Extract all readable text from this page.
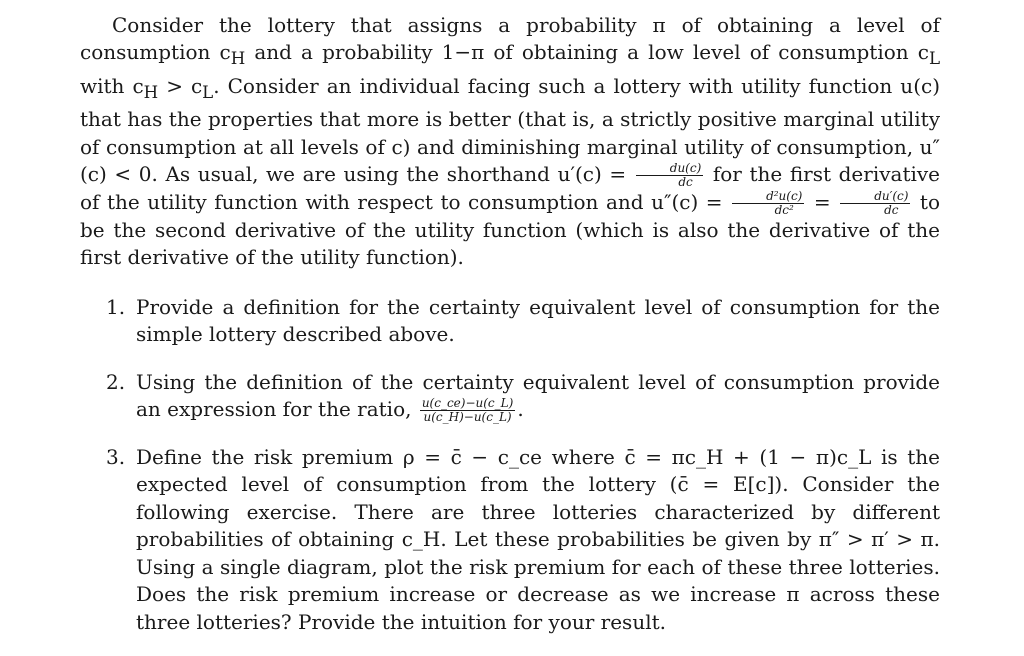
Consider the lottery that assigns a probability π of obtaining a level of consumption $c_H$ and a probability 1−π of obtaining a low level of consumption $c_L$ with $c_H > c_L$. Consider an individual facing such a lottery with utility function u(c) that has the properties that more is better (that is, a strictly positive marginal utility of consumption at all levels of c) and diminishing marginal utility of consumption, u″(c) < 0. As usual, we are using the shorthand $u'(c) = \frac{du(c)}{dc}$ for the first derivative of the utility function with respect to consumption and $u''(c) = \frac{\text{d²u(c)}}{\text{dc²}} = \frac{du'(c)}{dc}$ to be the second derivative of the utility function (which is also the derivative of the first derivative of the utility function).

1. Provide a definition for the certainty equivalent level of consumption for the simple lottery described above.
2. Using the definition of the certainty equivalent level of consumption provide an expression for the ratio, $\frac{u(c\_ce)-u(c\_L)}{u(c\_H)-u(c\_L)}$ .
3. Define the risk premium ρ = c̄ − c_ce where c̄ = πc_H + (1 − π)c_L is the expected level of consumption from the lottery (c̄ = E[c]). Consider the following exercise. There are three lotteries characterized by different probabilities of obtaining c_H. Let these probabilities be given by π″ > π′ > π. Using a single diagram, plot the risk premium for each of these three lotteries. Does the risk premium increase or decrease as we increase π across these three lotteries? Provide the intuition for your result.
